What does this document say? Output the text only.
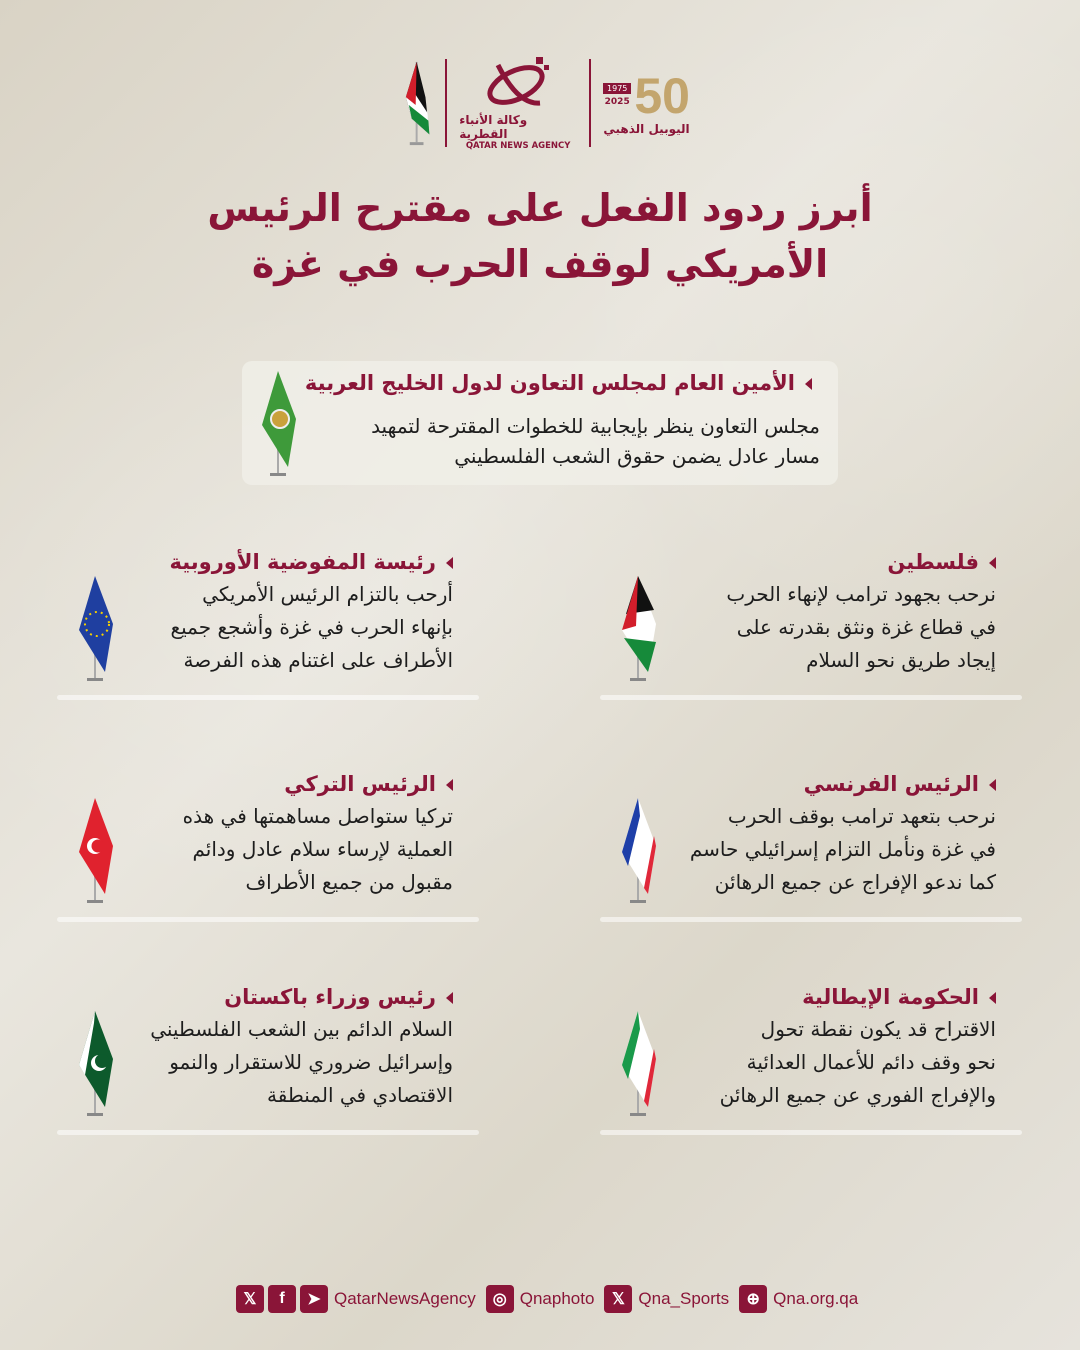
وكالة الأنباء القطرية
QATAR NEWS AGENCY
1975
2025 50
اليوبيل الذهبي
أبرز ردود الفعل على مقترح الرئيس
الأمريكي لوقف الحرب في غزة
الأمين العام لمجلس التعاون لدول الخليج العربية
مجلس التعاون ينظر بإيجابية للخطوات المقترحة لتمهيد
مسار عادل يضمن حقوق الشعب الفلسطيني
فلسطين
نرحب بجهود ترامب لإنهاء الحرب
في قطاع غزة ونثق بقدرته على
إيجاد طريق نحو السلام
رئيسة المفوضية الأوروبية
أرحب بالتزام الرئيس الأمريكي
بإنهاء الحرب في غزة وأشجع جميع
الأطراف على اغتنام هذه الفرصة
الرئيس الفرنسي
نرحب بتعهد ترامب بوقف الحرب
في غزة ونأمل التزام إسرائيلي حاسم
كما ندعو الإفراج عن جميع الرهائن
الرئيس التركي
تركيا ستواصل مساهمتها في هذه
العملية لإرساء سلام عادل ودائم
مقبول من جميع الأطراف
الحكومة الإيطالية
الاقتراح قد يكون نقطة تحول
نحو وقف دائم للأعمال العدائية
والإفراج الفوري عن جميع الرهائن
رئيس وزراء باكستان
السلام الدائم بين الشعب الفلسطيني
وإسرائيل ضروري للاستقرار والنمو
الاقتصادي في المنطقة
𝕏	f	➤ QatarNewsAgency	◎ Qnaphoto	𝕏 Qna_Sports	⊕ Qna.org.qa
